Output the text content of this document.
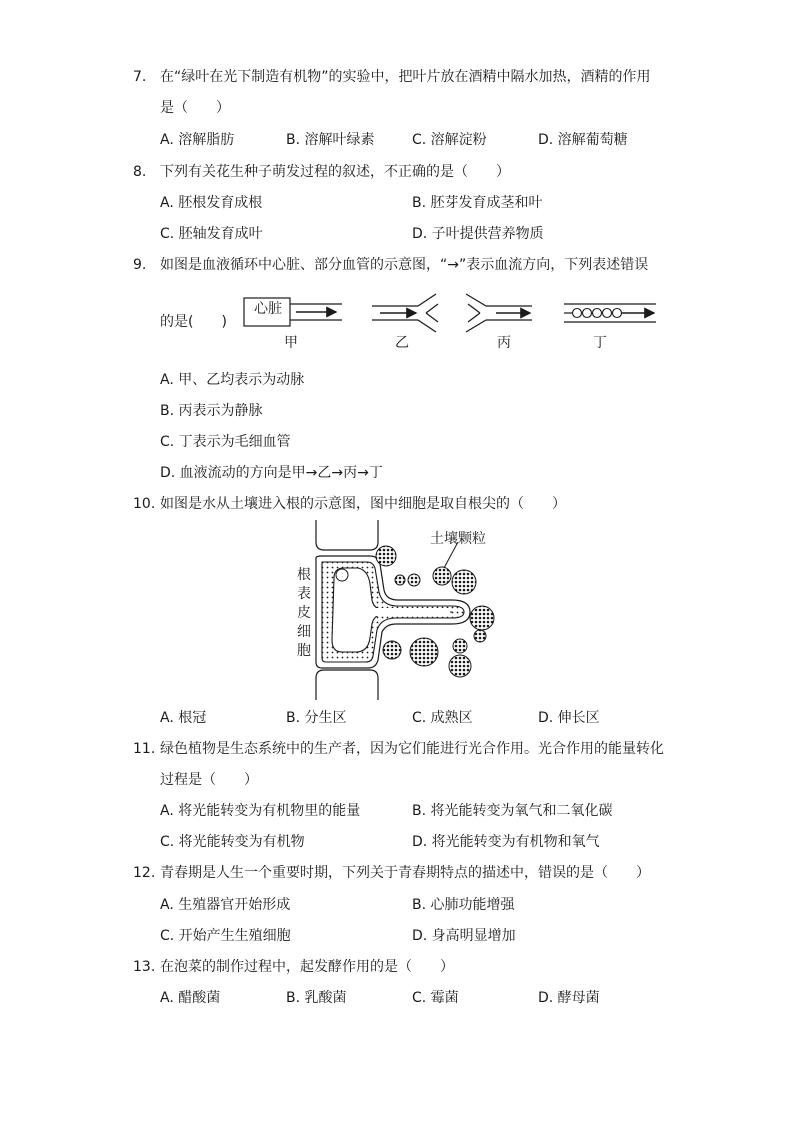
7. 在“绿叶在光下制造有机物”的实验中，把叶片放在酒精中隔水加热，酒精的作用
是（　　）
A. 溶解脂肪	B. 溶解叶绿素	C. 溶解淀粉	D. 溶解葡萄糖
8. 下列有关花生种子萌发过程的叙述，不正确的是（　　）
A. 胚根发育成根	B. 胚芽发育成茎和叶
C. 胚轴发育成叶	D. 子叶提供营养物质
9. 如图是血液循环中心脏、部分血管的示意图，“→”表示血流方向，下列表述错误
的是(　　)
心脏
甲	乙	丙	丁
A. 甲、乙均表示为动脉
B. 丙表示为静脉
C. 丁表示为毛细血管
D. 血液流动的方向是甲→乙→丙→丁
10. 如图是水从土壤进入根的示意图，图中细胞是取自根尖的（　　）
土壤颗粒
根
表
皮
细
胞
A. 根冠	B. 分生区	C. 成熟区	D. 伸长区
11. 绿色植物是生态系统中的生产者，因为它们能进行光合作用。光合作用的能量转化
过程是（　　）
A. 将光能转变为有机物里的能量	B. 将光能转变为氧气和二氧化碳
C. 将光能转变为有机物	D. 将光能转变为有机物和氧气
12. 青春期是人生一个重要时期，下列关于青春期特点的描述中，错误的是（　　）
A. 生殖器官开始形成	B. 心肺功能增强
C. 开始产生生殖细胞	D. 身高明显增加
13. 在泡菜的制作过程中，起发酵作用的是（　　）
A. 醋酸菌	B. 乳酸菌	C. 霉菌	D. 酵母菌
